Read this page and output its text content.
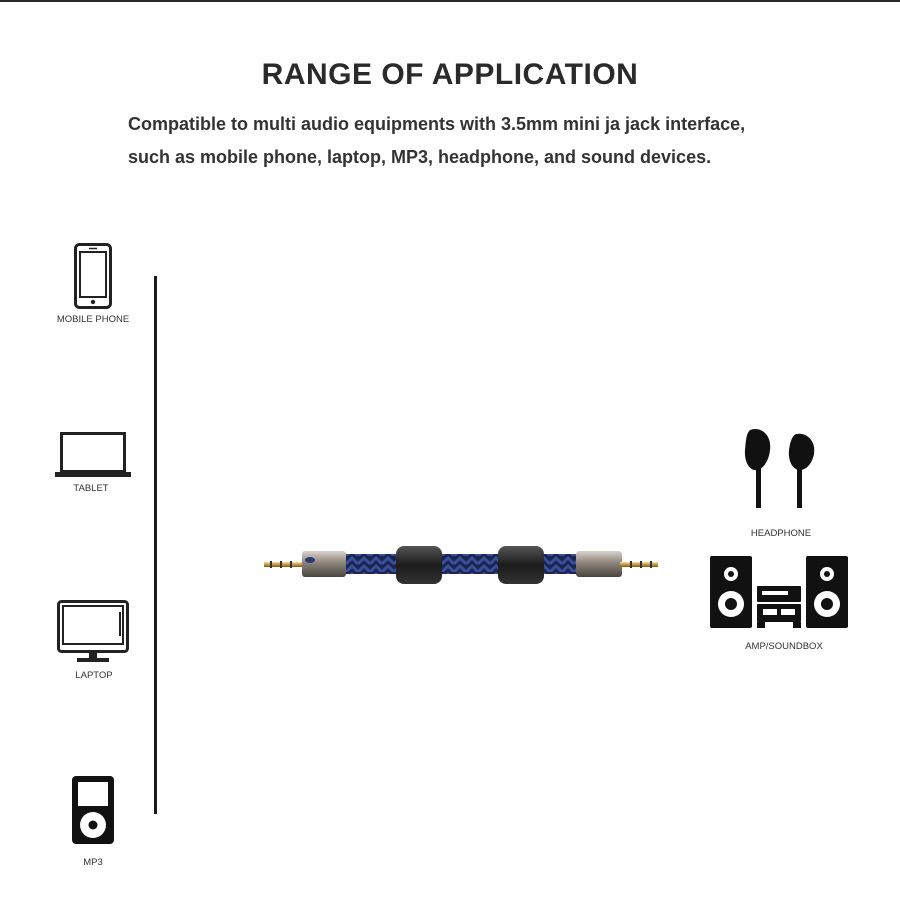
RANGE OF APPLICATION
Compatible to multi audio equipments with 3.5mm mini ja jack interface,
such as mobile phone, laptop, MP3, headphone, and sound devices.
MOBILE PHONE
TABLET
LAPTOP
MP3
HEADPHONE
AMP/SOUNDBOX
